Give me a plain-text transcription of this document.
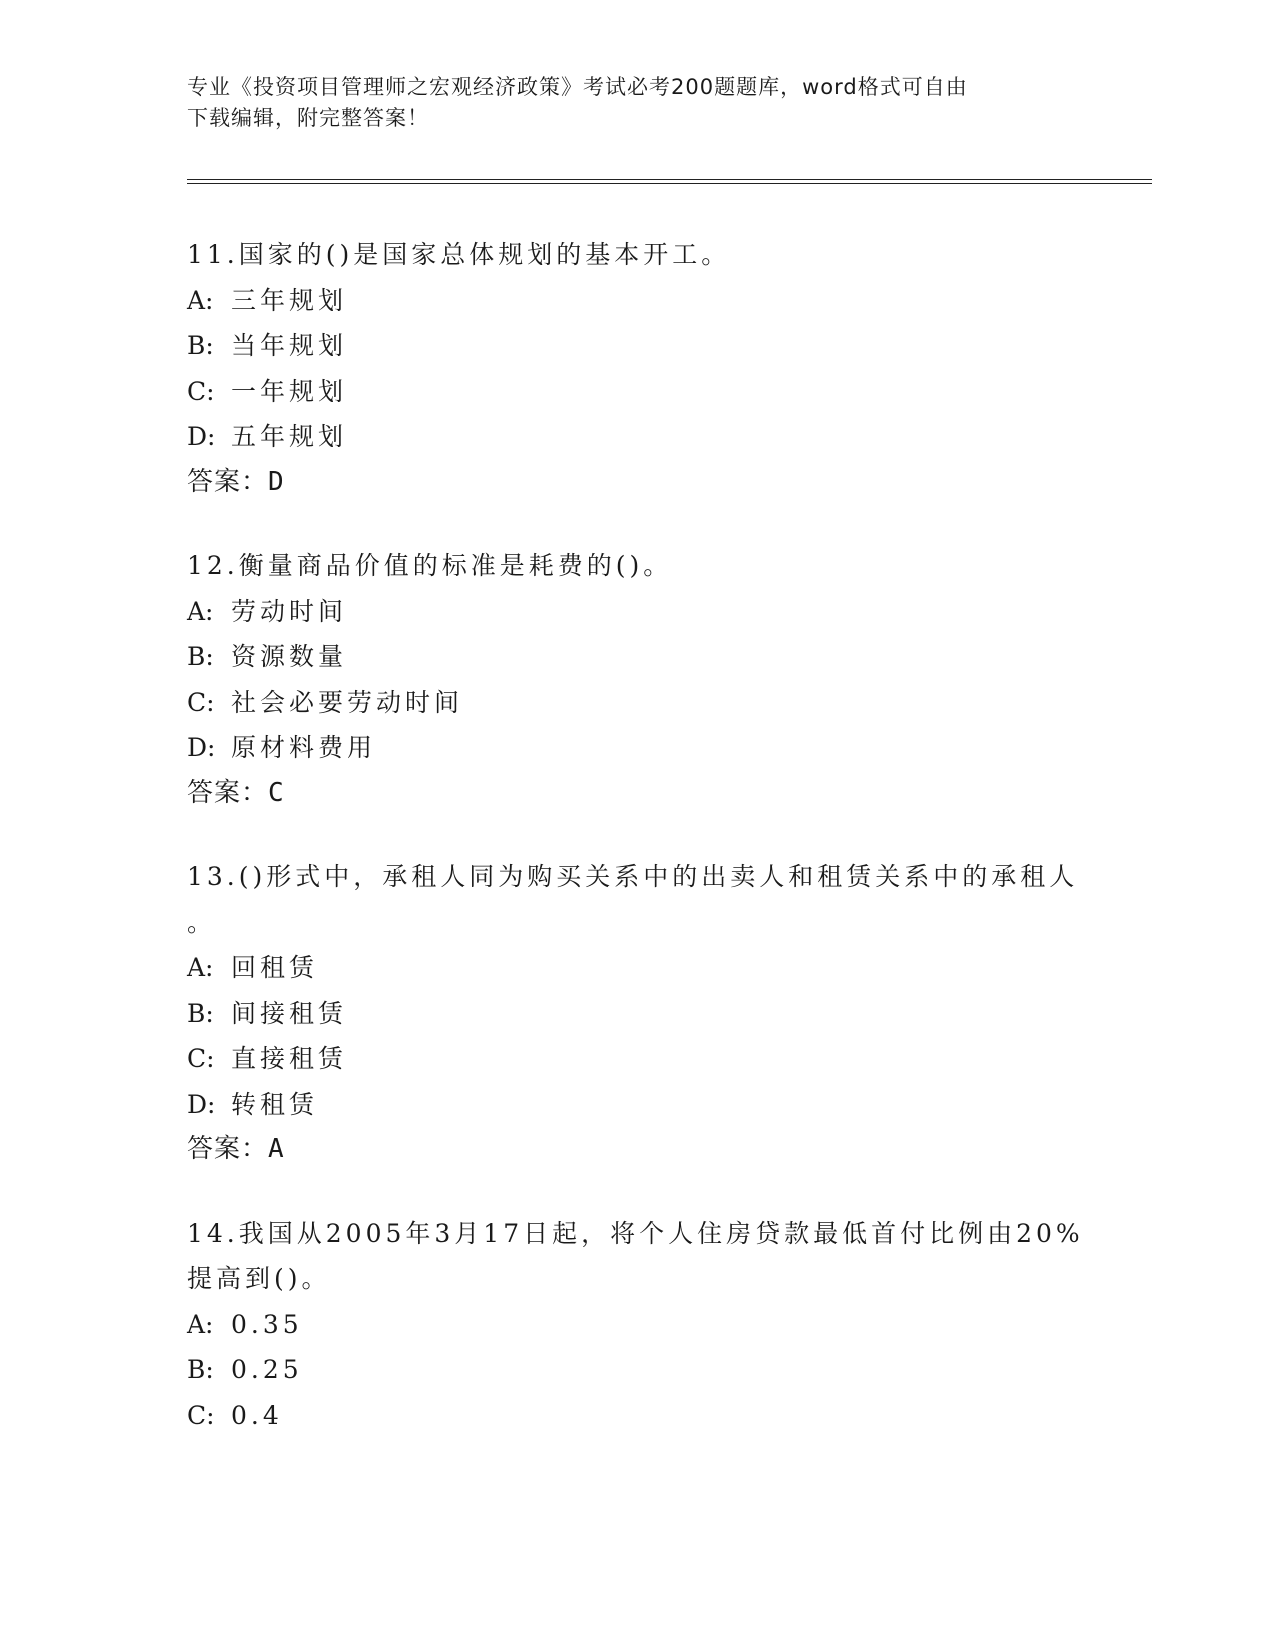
专业《投资项目管理师之宏观经济政策》考试必考200题题库，word格式可自由
下载编辑，附完整答案！
11.国家的()是国家总体规划的基本开工。
A: 三年规划
B: 当年规划
C: 一年规划
D: 五年规划
答案：D
12.衡量商品价值的标准是耗费的()。
A: 劳动时间
B: 资源数量
C: 社会必要劳动时间
D: 原材料费用
答案：C
13.()形式中，承租人同为购买关系中的出卖人和租赁关系中的承租人
。
A: 回租赁
B: 间接租赁
C: 直接租赁
D: 转租赁
答案：A
14.我国从2005年3月17日起，将个人住房贷款最低首付比例由20%
提高到()。
A: 0.35
B: 0.25
C: 0.4
